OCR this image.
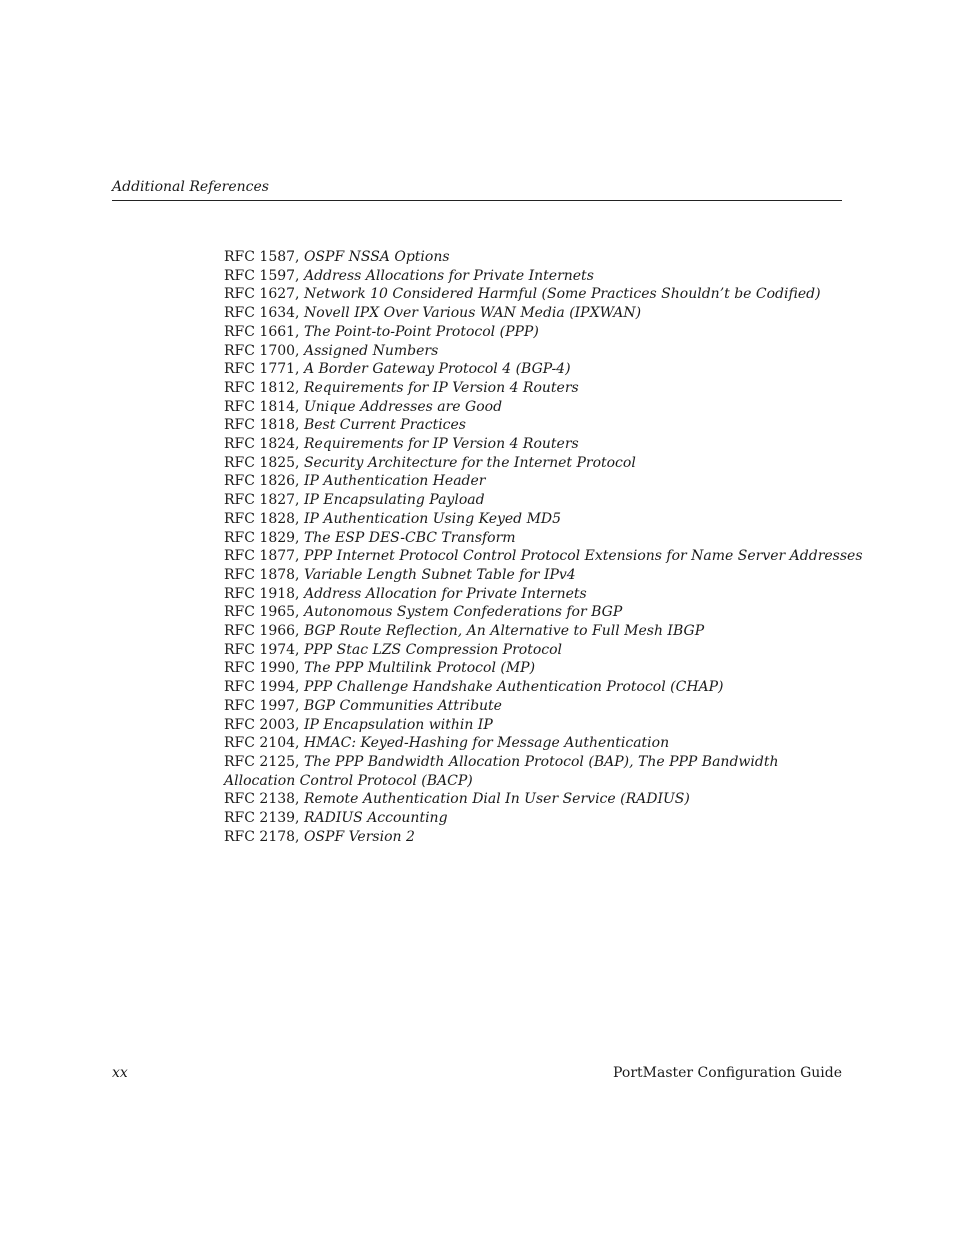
Additional References
RFC 1587, OSPF NSSA Options
RFC 1597, Address Allocations for Private Internets
RFC 1627, Network 10 Considered Harmful (Some Practices Shouldn’t be Codified)
RFC 1634, Novell IPX Over Various WAN Media (IPXWAN)
RFC 1661, The Point-to-Point Protocol (PPP)
RFC 1700, Assigned Numbers
RFC 1771, A Border Gateway Protocol 4 (BGP-4)
RFC 1812, Requirements for IP Version 4 Routers
RFC 1814, Unique Addresses are Good
RFC 1818, Best Current Practices
RFC 1824, Requirements for IP Version 4 Routers
RFC 1825, Security Architecture for the Internet Protocol
RFC 1826, IP Authentication Header
RFC 1827, IP Encapsulating Payload
RFC 1828, IP Authentication Using Keyed MD5
RFC 1829, The ESP DES-CBC Transform
RFC 1877, PPP Internet Protocol Control Protocol Extensions for Name Server Addresses
RFC 1878, Variable Length Subnet Table for IPv4
RFC 1918, Address Allocation for Private Internets
RFC 1965, Autonomous System Confederations for BGP
RFC 1966, BGP Route Reflection, An Alternative to Full Mesh IBGP
RFC 1974, PPP Stac LZS Compression Protocol
RFC 1990, The PPP Multilink Protocol (MP)
RFC 1994, PPP Challenge Handshake Authentication Protocol (CHAP)
RFC 1997, BGP Communities Attribute
RFC 2003, IP Encapsulation within IP
RFC 2104, HMAC: Keyed-Hashing for Message Authentication
RFC 2125, The PPP Bandwidth Allocation Protocol (BAP), The PPP Bandwidth Allocation Control Protocol (BACP)
RFC 2138, Remote Authentication Dial In User Service (RADIUS)
RFC 2139, RADIUS Accounting
RFC 2178, OSPF Version 2
xx	PortMaster Configuration Guide
